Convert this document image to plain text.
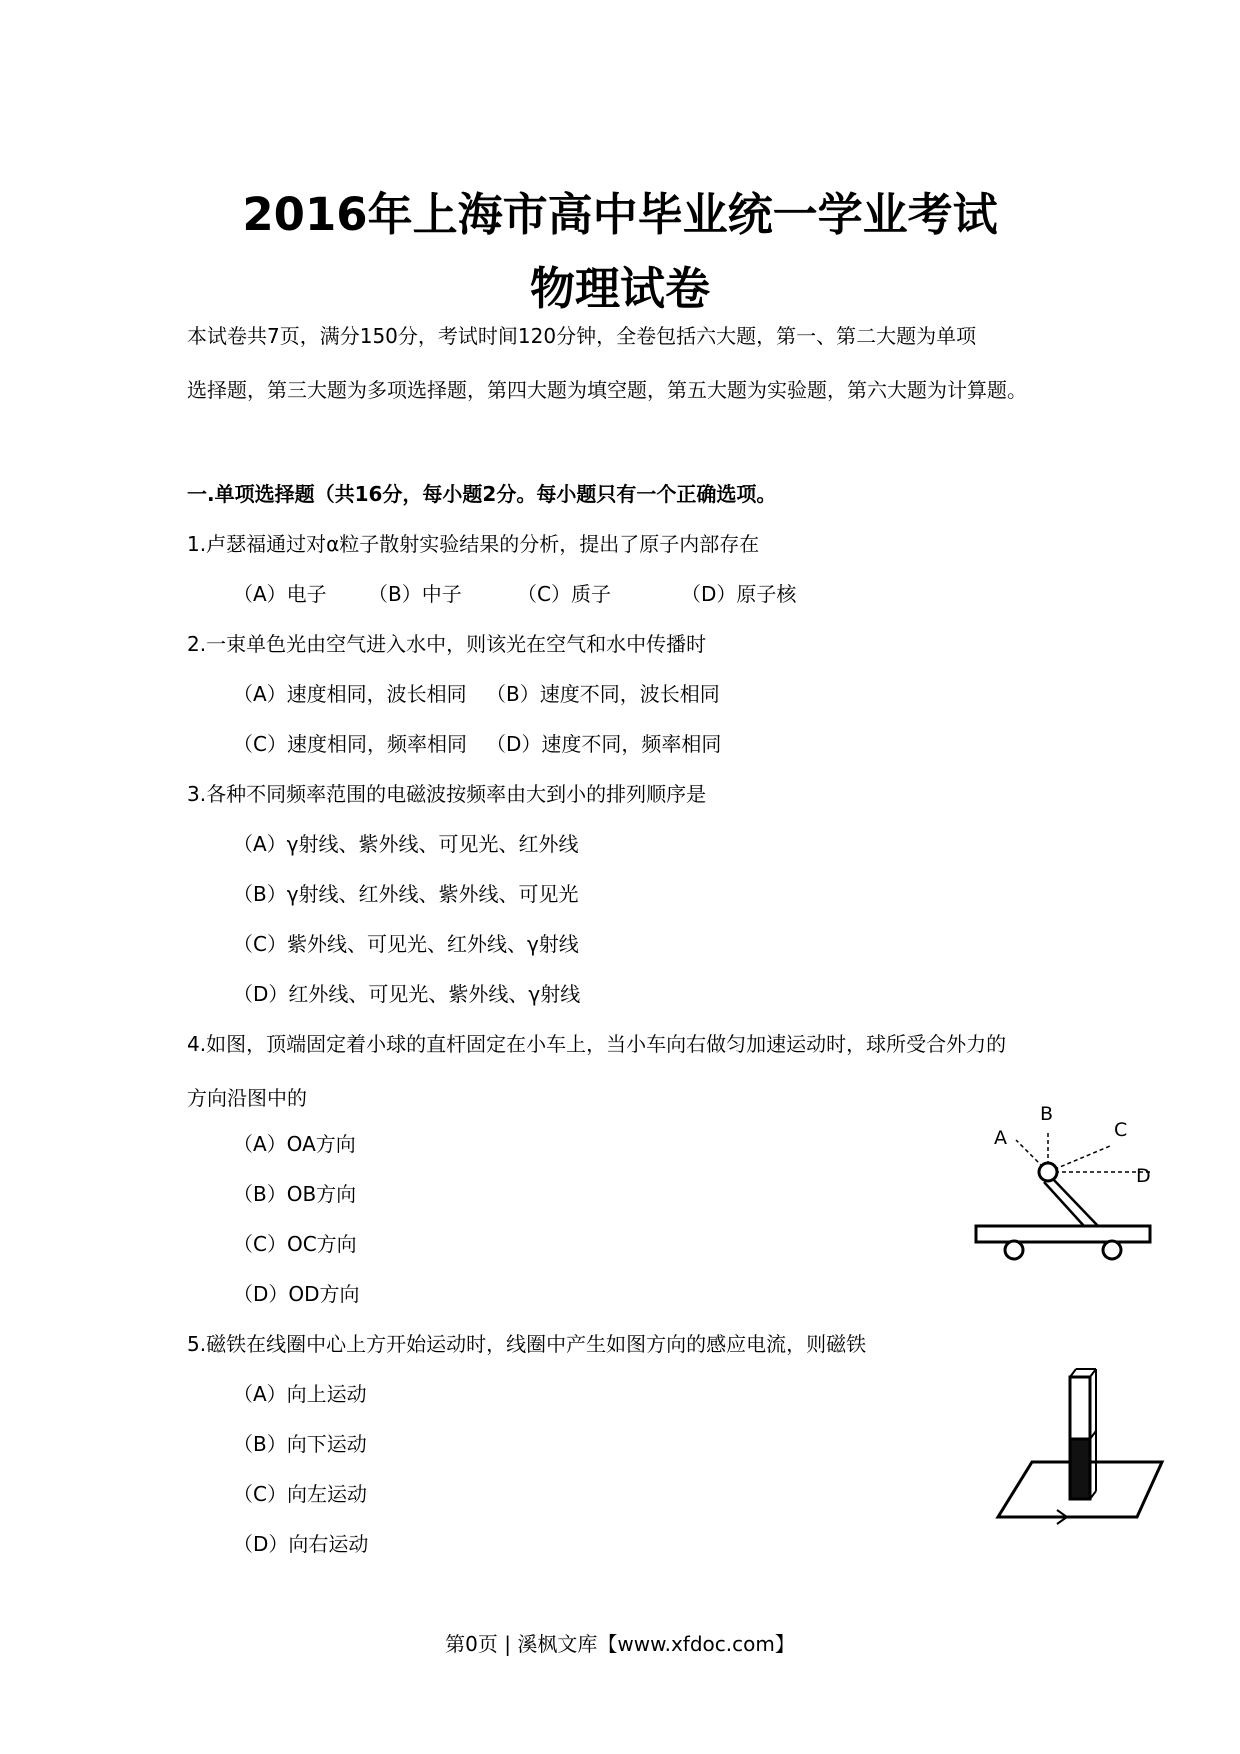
2016年上海市高中毕业统一学业考试
物理试卷
本试卷共7页，满分150分，考试时间120分钟，全卷包括六大题，第一、第二大题为单项
选择题，第三大题为多项选择题，第四大题为填空题，第五大题为实验题，第六大题为计算题。
一.单项选择题（共16分，每小题2分。每小题只有一个正确选项。
1.卢瑟福通过对α粒子散射实验结果的分析，提出了原子内部存在
（A）电子 （B）中子	（C）质子	（D）原子核
2.一束单色光由空气进入水中，则该光在空气和水中传播时
（A）速度相同，波长相同 （B）速度不同，波长相同
（C）速度相同，频率相同 （D）速度不同，频率相同
3.各种不同频率范围的电磁波按频率由大到小的排列顺序是
（A）γ射线、紫外线、可见光、红外线
（B）γ射线、红外线、紫外线、可见光
（C）紫外线、可见光、红外线、γ射线
（D）红外线、可见光、紫外线、γ射线
4.如图，顶端固定着小球的直杆固定在小车上，当小车向右做匀加速运动时，球所受合外力的
方向沿图中的
（A）OA方向
（B）OB方向
（C）OC方向
（D）OD方向
A
B
C
D
5.磁铁在线圈中心上方开始运动时，线圈中产生如图方向的感应电流，则磁铁
（A）向上运动
（B）向下运动
（C）向左运动
（D）向右运动
第0页 | 溪枫文库【www.xfdoc.com】
